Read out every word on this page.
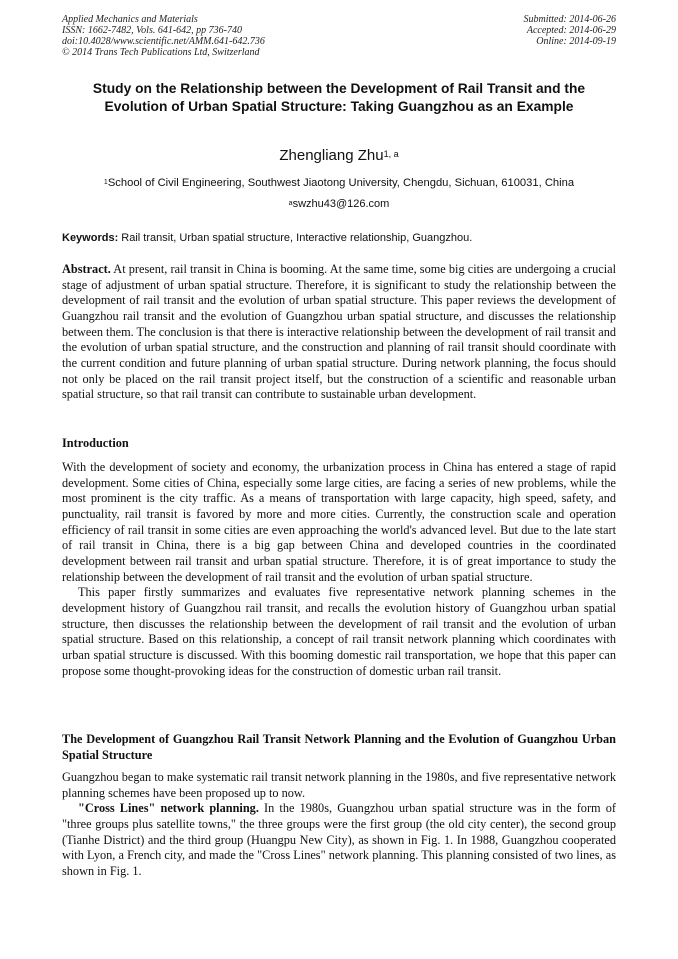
Applied Mechanics and Materials
ISSN: 1662-7482, Vols. 641-642, pp 736-740
doi:10.4028/www.scientific.net/AMM.641-642.736
© 2014 Trans Tech Publications Ltd, Switzerland
Submitted: 2014-06-26
Accepted: 2014-06-29
Online: 2014-09-19
Study on the Relationship between the Development of Rail Transit and the Evolution of Urban Spatial Structure: Taking Guangzhou as an Example
Zhengliang Zhu$^{1, a}$
$^1$School of Civil Engineering, Southwest Jiaotong University, Chengdu, Sichuan, 610031, China
$^a$swzhu43@126.com
Keywords: Rail transit, Urban spatial structure, Interactive relationship, Guangzhou.

Abstract. At present, rail transit in China is booming. At the same time, some big cities are undergoing a crucial stage of adjustment of urban spatial structure. Therefore, it is significant to study the relationship between the development of rail transit and the evolution of urban spatial structure. This paper reviews the development of Guangzhou rail transit and the evolution of Guangzhou urban spatial structure, and discusses the relationship between them. The conclusion is that there is interactive relationship between the development of rail transit and the evolution of urban spatial structure, and the construction and planning of rail transit should coordinate with the current condition and future planning of urban spatial structure. During network planning, the focus should not only be placed on the rail transit project itself, but the construction of a scientific and reasonable urban spatial structure, so that rail transit can contribute to sustainable urban development.

Introduction

With the development of society and economy, the urbanization process in China has entered a stage of rapid development. Some cities of China, especially some large cities, are facing a series of new problems, while the most prominent is the city traffic. As a means of transportation with large capacity, high speed, safety, and punctuality, rail transit is favored by more and more cities. Currently, the construction scale and operation efficiency of rail transit in some cities are even approaching the world's advanced level. But due to the late start of rail transit in China, there is a big gap between China and developed countries in the coordinated development between rail transit and urban spatial structure. Therefore, it is of great importance to study the relationship between the development of rail transit and the evolution of urban spatial structure.

This paper firstly summarizes and evaluates five representative network planning schemes in the development history of Guangzhou rail transit, and recalls the evolution history of Guangzhou urban spatial structure, then discusses the relationship between the development of rail transit and the evolution of urban spatial structure. Based on this relationship, a concept of rail transit network planning which coordinates with urban spatial structure is discussed. With this booming domestic rail transportation, we hope that this paper can propose some thought-provoking ideas for the construction of domestic urban rail transit.

The Development of Guangzhou Rail Transit Network Planning and the Evolution of Guangzhou Urban Spatial Structure

Guangzhou began to make systematic rail transit network planning in the 1980s, and five representative network planning schemes have been proposed up to now.

"Cross Lines" network planning. In the 1980s, Guangzhou urban spatial structure was in the form of "three groups plus satellite towns," the three groups were the first group (the old city center), the second group (Tianhe District) and the third group (Huangpu New City), as shown in Fig. 1. In 1988, Guangzhou cooperated with Lyon, a French city, and made the "Cross Lines" network planning. This planning consisted of two lines, as shown in Fig. 1.
